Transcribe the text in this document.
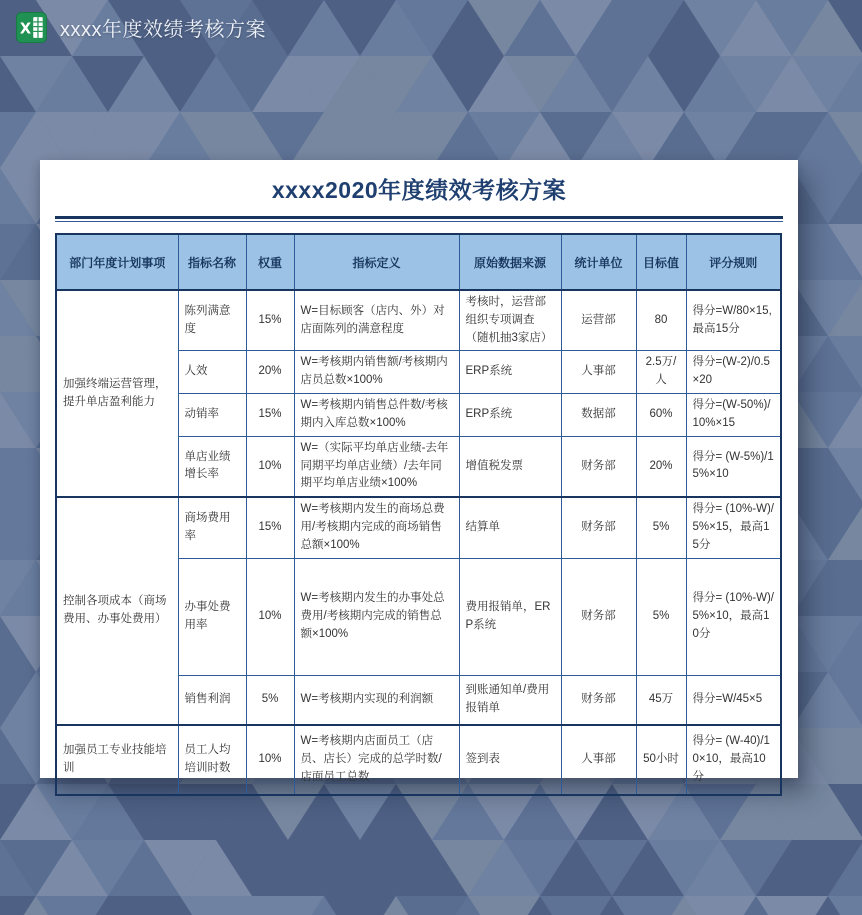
X xxxx年度效绩考核方案
xxxx2020年度绩效考核方案
部门年度计划事项	指标名称	权重	指标定义	原始数据来源	统计单位	目标值	评分规则
加强终端运营管理，提升单店盈利能力	陈列满意度	15%	W=目标顾客（店内、外）对店面陈列的满意程度	考核时，运营部组织专项调查（随机抽3家店）	运营部	80	得分=W/80×15,最高15分
	人效	20%	W=考核期内销售额/考核期内店员总数×100%	ERP系统	人事部	2.5万/人	得分=(W-2)/0.5×20
	动销率	15%	W=考核期内销售总件数/考核期内入库总数×100%	ERP系统	数据部	60%	得分=(W-50%)/10%×15
	单店业绩增长率	10%	W=（实际平均单店业绩-去年同期平均单店业绩）/去年同期平均单店业绩×100%	增值税发票	财务部	20%	得分= (W-5%)/15%×10
控制各项成本（商场费用、办事处费用）	商场费用率	15%	W=考核期内发生的商场总费用/考核期内完成的商场销售总额×100%	结算单	财务部	5%	得分= (10%-W)/5%×15，最高15分
	办事处费用率	10%	W=考核期内发生的办事处总费用/考核期内完成的销售总额×100%	费用报销单，ERP系统	财务部	5%	得分= (10%-W)/5%×10，最高10分
	销售利润	5%	W=考核期内实现的利润额	到账通知单/费用报销单	财务部	45万	得分=W/45×5
加强员工专业技能培训	员工人均培训时数	10%	W=考核期内店面员工（店员、店长）完成的总学时数/店面员工总数	签到表	人事部	50小时	得分= (W-40)/10×10，最高10分
